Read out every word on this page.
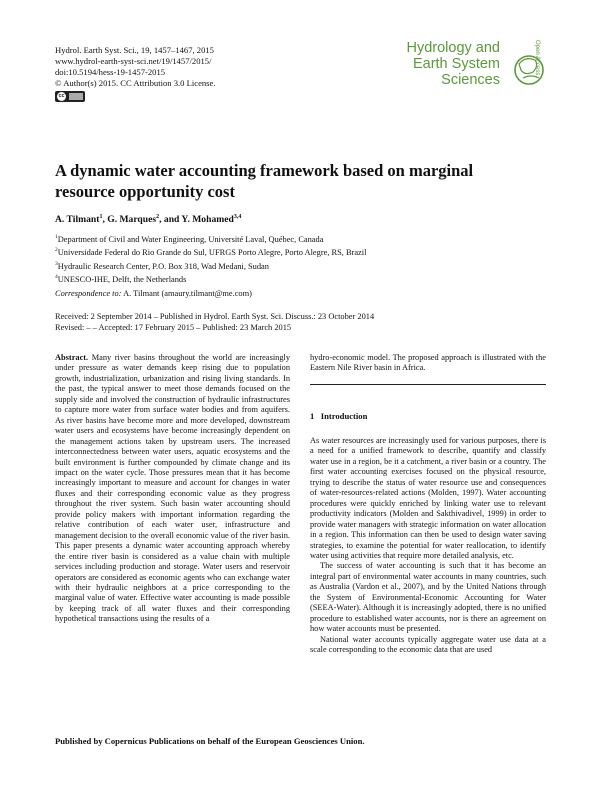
Hydrol. Earth Syst. Sci., 19, 1457–1467, 2015
www.hydrol-earth-syst-sci.net/19/1457/2015/
doi:10.5194/hess-19-1457-2015
© Author(s) 2015. CC Attribution 3.0 License.
cc
Hydrology and
Earth System
Sciences
Open Access
A dynamic water accounting framework based on marginal
resource opportunity cost
A. Tilmant$^1$, G. Marques$^2$, and Y. Mohamed$^{3,4}$
$^1$Department of Civil and Water Engineering, Université Laval, Québec, Canada
$^2$Universidade Federal do Rio Grande do Sul, UFRGS Porto Alegre, Porto Alegre, RS, Brazil
$^3$Hydraulic Research Center, P.O. Box 318, Wad Medani, Sudan
$^4$UNESCO-IHE, Delft, the Netherlands
Correspondence to: A. Tilmant (amaury.tilmant@me.com)
Received: 2 September 2014 – Published in Hydrol. Earth Syst. Sci. Discuss.: 23 October 2014
Revised: – – Accepted: 17 February 2015 – Published: 23 March 2015

Abstract. Many river basins throughout the world are increasingly under pressure as water demands keep rising due to population growth, industrialization, urbanization and rising living standards. In the past, the typical answer to meet those demands focused on the supply side and involved the construction of hydraulic infrastructures to capture more water from surface water bodies and from aquifers. As river basins have become more and more developed, downstream water users and ecosystems have become increasingly dependent on the management actions taken by upstream users. The increased interconnectedness between water users, aquatic ecosystems and the built environment is further compounded by climate change and its impact on the water cycle. Those pressures mean that it has become increasingly important to measure and account for changes in water fluxes and their corresponding economic value as they progress throughout the river system. Such basin water accounting should provide policy makers with important information regarding the relative contribution of each water user, infrastructure and management decision to the overall economic value of the river basin. This paper presents a dynamic water accounting approach whereby the entire river basin is considered as a value chain with multiple services including production and storage. Water users and reservoir operators are considered as economic agents who can exchange water with their hydraulic neighbors at a price corresponding to the marginal value of water. Effective water accounting is made possible by keeping track of all water fluxes and their corresponding hypothetical transactions using the results of a

hydro-economic model. The proposed approach is illustrated with the Eastern Nile River basin in Africa.

1   Introduction

As water resources are increasingly used for various purposes, there is a need for a unified framework to describe, quantify and classify water use in a region, be it a catchment, a river basin or a country. The first water accounting exercises focused on the physical resource, trying to describe the status of water resource use and consequences of water-resources-related actions (Molden, 1997). Water accounting procedures were quickly enriched by linking water use to relevant productivity indicators (Molden and Sakthivadivel, 1999) in order to provide water managers with strategic information on water allocation in a region. This information can then be used to design water saving strategies, to examine the potential for water reallocation, to identify water using activities that require more detailed analysis, etc.

The success of water accounting is such that it has become an integral part of environmental water accounts in many countries, such as Australia (Vardon et al., 2007), and by the United Nations through the System of Environmental-Economic Accounting for Water (SEEA-Water). Although it is increasingly adopted, there is no unified procedure to established water accounts, nor is there an agreement on how water accounts must be presented.

National water accounts typically aggregate water use data at a scale corresponding to the economic data that are used

Published by Copernicus Publications on behalf of the European Geosciences Union.
